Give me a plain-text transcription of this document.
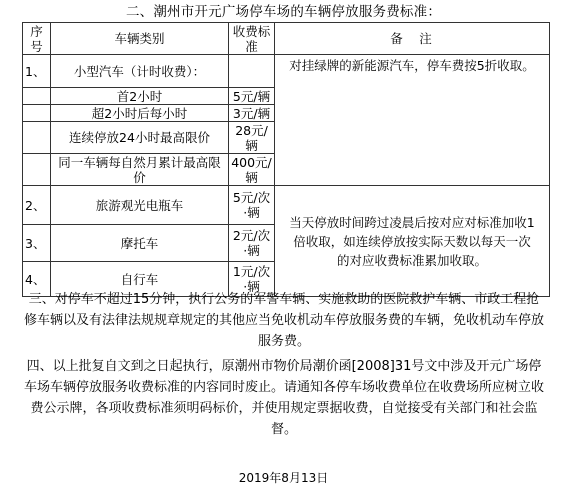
二、潮州市开元广场停车场的车辆停放服务费标准：
序号	车辆类别	收费标准	备　注
1、	小型汽车（计时收费）：		对挂绿牌的新能源汽车，停车费按5折收取。
	首2小时	5元/辆	
	超2小时后每小时	3元/辆	
	连续停放24小时最高限价	28元/辆	
	同一车辆每自然月累计最高限价	400元/辆	
2、	旅游观光电瓶车	5元/次·辆	当天停放时间跨过凌晨后按对应对标准加收1倍收取，如连续停放按实际天数以每天一次的对应收费标准累加收取。
3、	摩托车	2元/次·辆	
4、	自行车	1元/次·辆	
三、对停车不超过15分钟，执行公务的军警车辆、实施救助的医院救护车辆、市政工程抢修车辆以及有法律法规规章规定的其他应当免收机动车停放服务费的车辆，免收机动车停放服务费。
四、以上批复自文到之日起执行，原潮州市物价局潮价函[2008]31号文中涉及开元广场停车场车辆停放服务收费标准的内容同时废止。请通知各停车场收费单位在收费场所应树立收费公示牌，各项收费标准须明码标价，并使用规定票据收费，自觉接受有关部门和社会监督。
2019年8月13日
